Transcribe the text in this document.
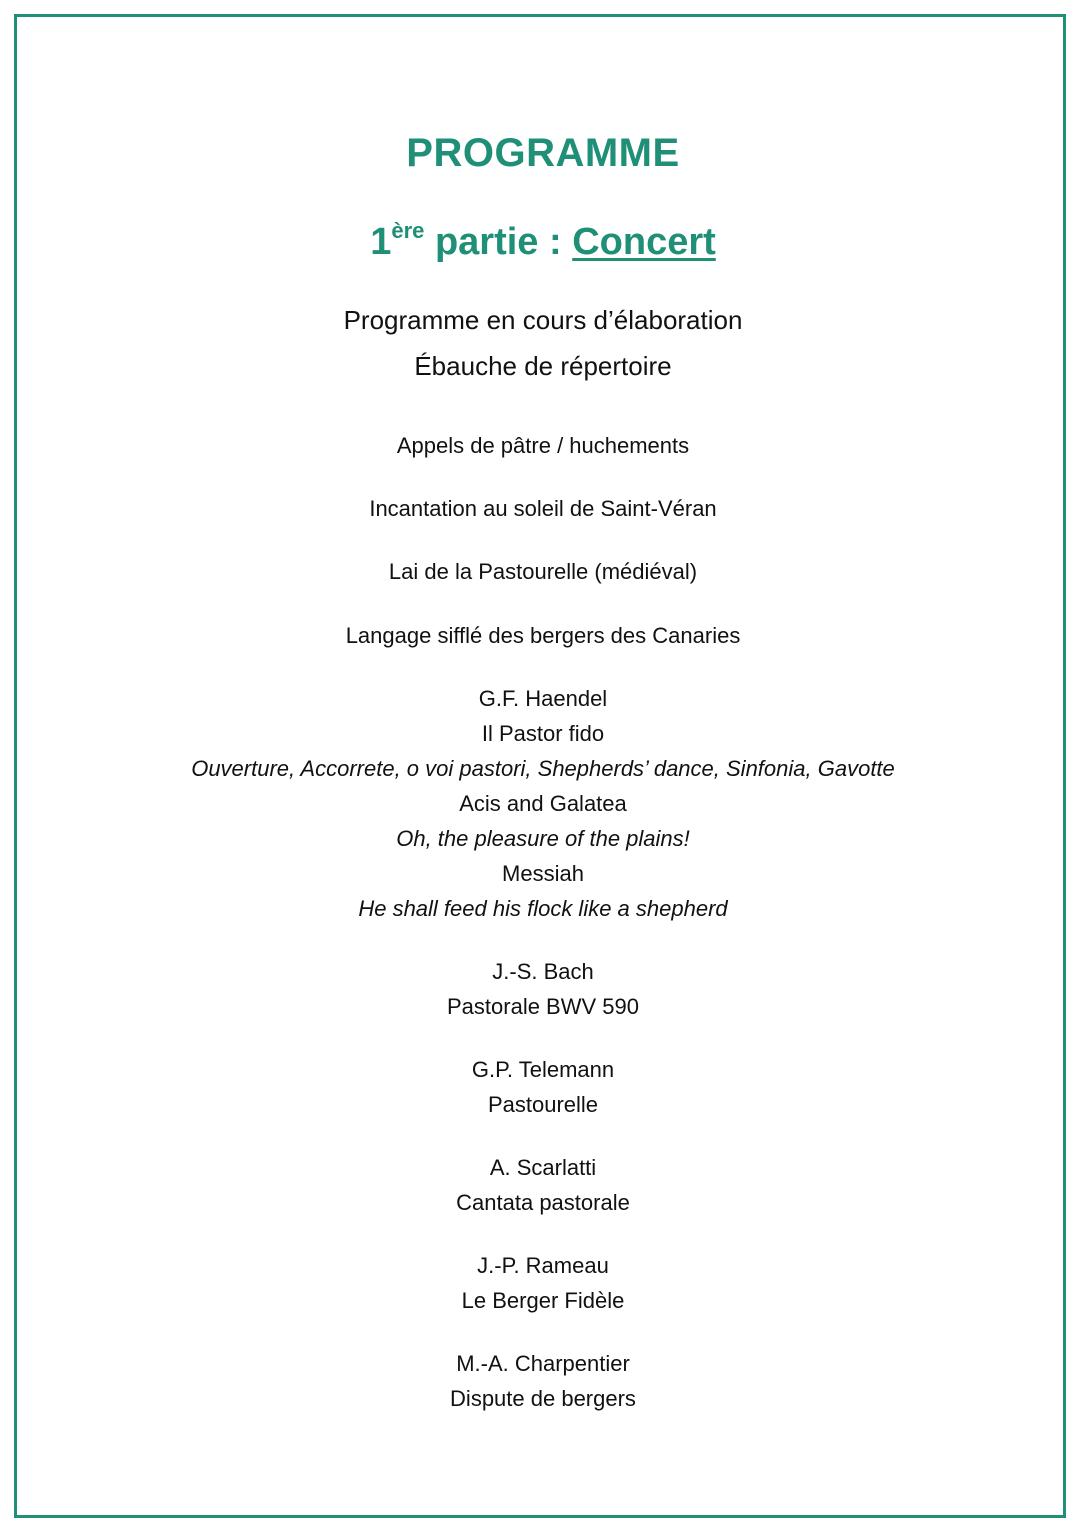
PROGRAMME
1ère partie : Concert
Programme en cours d’élaboration
Ébauche de répertoire
Appels de pâtre / huchements
Incantation au soleil de Saint-Véran
Lai de la Pastourelle (médiéval)
Langage sifflé des bergers des Canaries
G.F. Haendel
Il Pastor fido
Ouverture, Accorrete, o voi pastori, Shepherds’ dance, Sinfonia, Gavotte
Acis and Galatea
Oh, the pleasure of the plains!
Messiah
He shall feed his flock like a shepherd
J.-S. Bach
Pastorale BWV 590
G.P. Telemann
Pastourelle
A. Scarlatti
Cantata pastorale
J.-P. Rameau
Le Berger Fidèle
M.-A. Charpentier
Dispute de bergers
